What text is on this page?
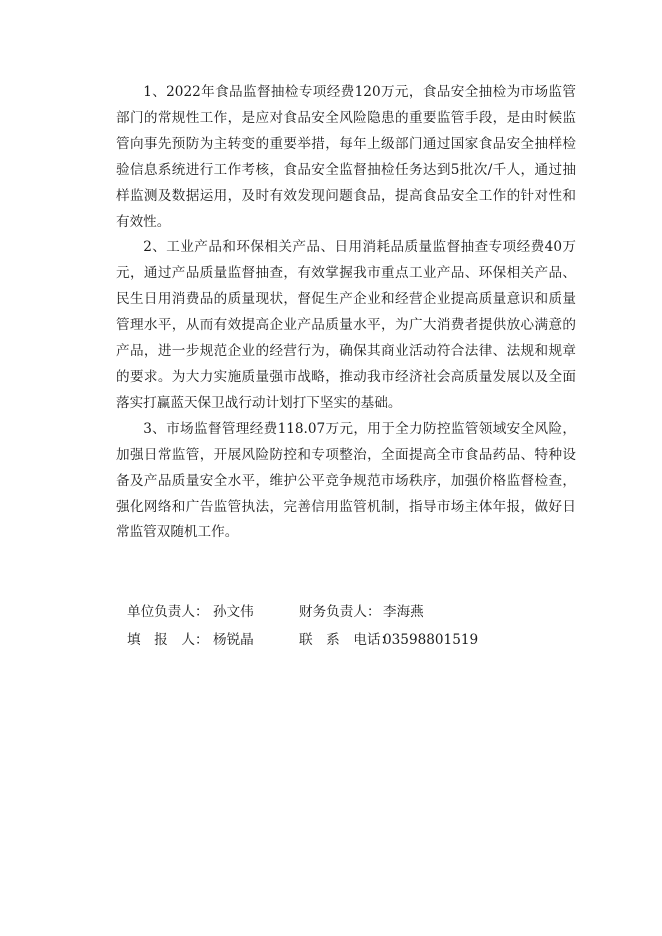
1、2022年食品监督抽检专项经费120万元，食品安全抽检为市场监管部门的常规性工作，是应对食品安全风险隐患的重要监管手段，是由时候监管向事先预防为主转变的重要举措，每年上级部门通过国家食品安全抽样检验信息系统进行工作考核，食品安全监督抽检任务达到5批次/千人，通过抽样监测及数据运用，及时有效发现问题食品，提高食品安全工作的针对性和有效性。

2、工业产品和环保相关产品、日用消耗品质量监督抽查专项经费40万元，通过产品质量监督抽查，有效掌握我市重点工业产品、环保相关产品、民生日用消费品的质量现状，督促生产企业和经营企业提高质量意识和质量管理水平，从而有效提高企业产品质量水平，为广大消费者提供放心满意的产品，进一步规范企业的经营行为，确保其商业活动符合法律、法规和规章的要求。为大力实施质量强市战略，推动我市经济社会高质量发展以及全面落实打赢蓝天保卫战行动计划打下坚实的基础。

3、市场监督管理经费118.07万元，用于全力防控监管领域安全风险，加强日常监管，开展风险防控和专项整治，全面提高全市食品药品、特种设备及产品质量安全水平，维护公平竞争规范市场秩序，加强价格监督检查，强化网络和广告监管执法，完善信用监管机制，指导市场主体年报，做好日常监管双随机工作。

单位负责人： 孙文伟	财务负责人： 李海燕
填　报　人： 杨锐晶	联　系　电话：
03598801519
